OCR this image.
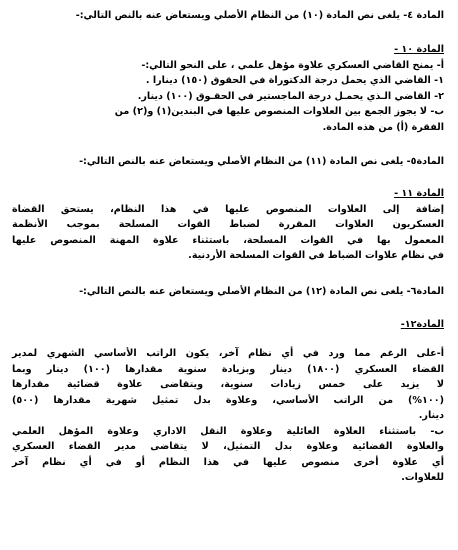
المادة ٤- يلغى نص المادة (١٠) من النظام الأصلي ويستعاض عنه بالنص التالي:-
المادة ١٠ -
أ- يمنح القاضي العسكري علاوة مؤهل علمي ، على النحو التالي:-
١- القاضي الذي يحمل درجة الدكتوراة في الحقوق (١٥٠) دينارا .
٢- القاضي الـذي يحمـل درجة الماجستير في الحقـوق (١٠٠) دينار.
ب- لا يجوز الجمع بين العلاوات المنصوص عليها في البندين(١) و(٢) من
الفقرة (أ) من هذه المادة.
المادة٥- يلغى نص المادة (١١) من النظام الأصلي ويستعاض عنه بالنص التالي:-
المادة ١١ -
إضافة إلى العلاوات المنصوص عليها في هذا النظام، يستحق القضاة
العسكريون العلاوات المقررة لضباط القوات المسلحة بموجب الأنظمة
المعمول بها في القوات المسلحة، باستثناء علاوة المهنة المنصوص عليها
في نظام علاوات الضباط في القوات المسلحة الأردنية.
المادة٦- يلغى نص المادة (١٢) من النظام الأصلي ويستعاض عنه بالنص التالي:-
المادة١٢-
أ-على الرغم مما ورد في أي نظام آخر، يكون الراتب الأساسي الشهري لمدير
القضاء العسكري (١٨٠٠) دينار وبزيادة سنوية مقدارها (١٠٠) دينار وبما
لا يزيد على خمس زيادات سنوية، ويتقاضى علاوة قضائية مقدارها
(١٠٠%) من الراتب الأساسي، وعلاوة بدل تمثيل شهرية مقدارها (٥٠٠)
دينار.
ب- باستثناء العلاوة العائلية وعلاوة النقل الاداري وعلاوة المؤهل العلمي
والعلاوة القضائية وعلاوة بدل التمثيل، لا يتقاضى مدير القضاء العسكري
أي علاوة أخرى منصوص عليها في هذا النظام أو في أي نظام آخر
للعلاوات.
